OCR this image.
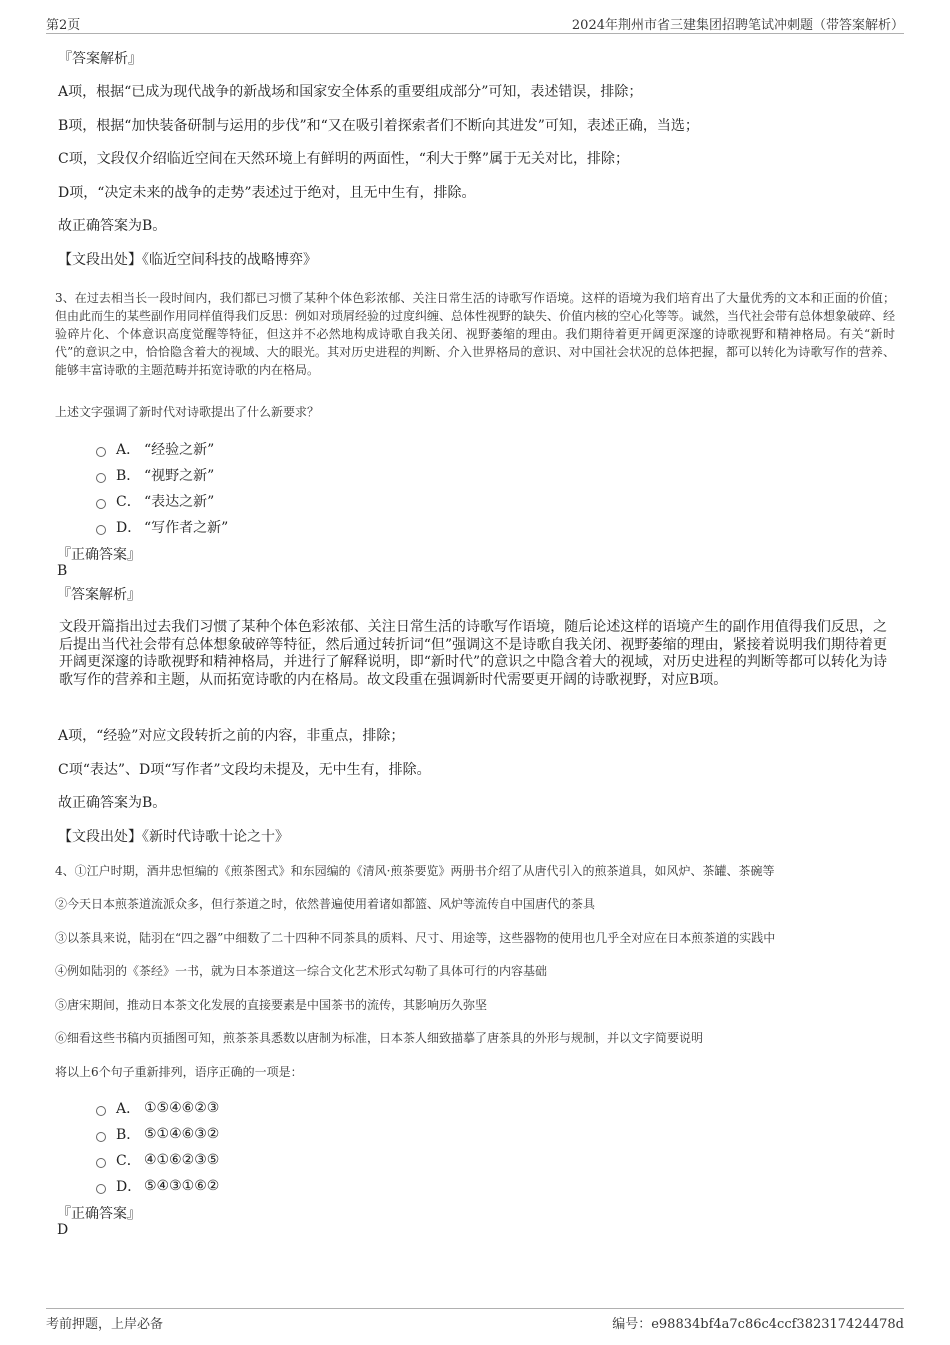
第2页	2024年荆州市省三建集团招聘笔试冲刺题（带答案解析）
『答案解析』
A项，根据“已成为现代战争的新战场和国家安全体系的重要组成部分”可知，表述错误，排除；
B项，根据“加快装备研制与运用的步伐”和“又在吸引着探索者们不断向其进发”可知，表述正确，当选；
C项，文段仅介绍临近空间在天然环境上有鲜明的两面性，“利大于弊”属于无关对比，排除；
D项，“决定未来的战争的走势”表述过于绝对，且无中生有，排除。
故正确答案为B。
【文段出处】《临近空间科技的战略博弈》
3、在过去相当长一段时间内，我们都已习惯了某种个体色彩浓郁、关注日常生活的诗歌写作语境。这样的语境为我们培育出了大量优秀的文本和正面的价值；但由此而生的某些副作用同样值得我们反思：例如对琐屑经验的过度纠缠、总体性视野的缺失、价值内核的空心化等等。诚然，当代社会带有总体想象破碎、经验碎片化、个体意识高度觉醒等特征，但这并不必然地构成诗歌自我关闭、视野萎缩的理由。我们期待着更开阔更深邃的诗歌视野和精神格局。有关“新时代”的意识之中，恰恰隐含着大的视域、大的眼光。其对历史进程的判断、介入世界格局的意识、对中国社会状况的总体把握，都可以转化为诗歌写作的营养、能够丰富诗歌的主题范畴并拓宽诗歌的内在格局。
上述文字强调了新时代对诗歌提出了什么新要求？
A． “经验之新”
B． “视野之新”
C． “表达之新”
D． “写作者之新”
『正确答案』
B
『答案解析』
文段开篇指出过去我们习惯了某种个体色彩浓郁、关注日常生活的诗歌写作语境，随后论述这样的语境产生的副作用值得我们反思，之后提出当代社会带有总体想象破碎等特征，然后通过转折词“但”强调这不是诗歌自我关闭、视野萎缩的理由，紧接着说明我们期待着更开阔更深邃的诗歌视野和精神格局，并进行了解释说明，即“新时代”的意识之中隐含着大的视域，对历史进程的判断等都可以转化为诗歌写作的营养和主题，从而拓宽诗歌的内在格局。故文段重在强调新时代需要更开阔的诗歌视野，对应B项。
A项，“经验”对应文段转折之前的内容，非重点，排除；
C项“表达”、D项“写作者”文段均未提及，无中生有，排除。
故正确答案为B。
【文段出处】《新时代诗歌十论之十》
4、①江户时期，酒井忠恒编的《煎茶图式》和东园编的《清风·煎茶要览》两册书介绍了从唐代引入的煎茶道具，如风炉、茶罐、茶碗等
②今天日本煎茶道流派众多，但行茶道之时，依然普遍使用着诸如都篮、风炉等流传自中国唐代的茶具
③以茶具来说，陆羽在“四之器”中细数了二十四种不同茶具的质料、尺寸、用途等，这些器物的使用也几乎全对应在日本煎茶道的实践中
④例如陆羽的《茶经》一书，就为日本茶道这一综合文化艺术形式勾勒了具体可行的内容基础
⑤唐宋期间，推动日本茶文化发展的直接要素是中国茶书的流传，其影响历久弥坚
⑥细看这些书稿内页插图可知，煎茶茶具悉数以唐制为标准，日本茶人细致描摹了唐茶具的外形与规制，并以文字简要说明
将以上6个句子重新排列，语序正确的一项是：
A． ①⑤④⑥②③
B． ⑤①④⑥③②
C． ④①⑥②③⑤
D． ⑤④③①⑥②
『正确答案』
D
考前押题，上岸必备	编号：e98834bf4a7c86c4ccf382317424478d
